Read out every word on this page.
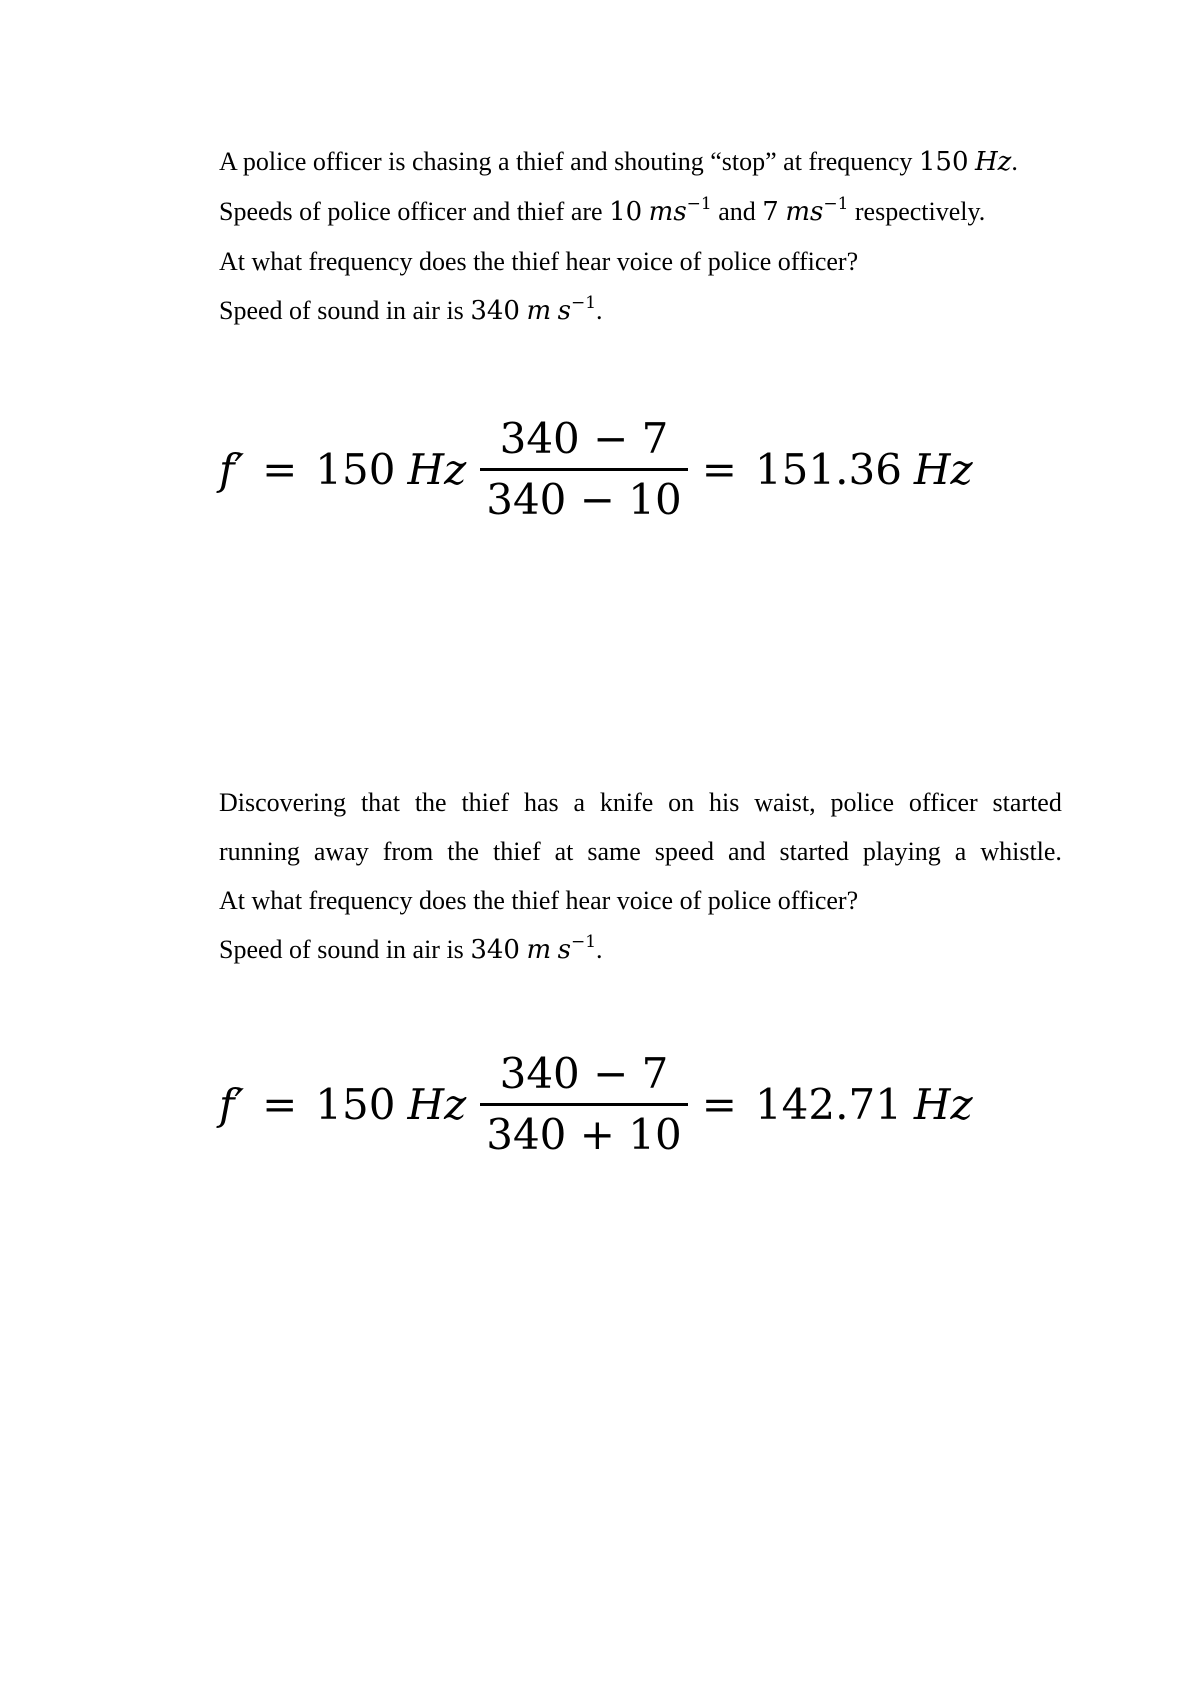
A police officer is chasing a thief and shouting “stop” at frequency 150 Hz.

Speeds of police officer and thief are 10 $ms^{-1}$ and 7 $ms^{-1}$ respectively.

At what frequency does the thief hear voice of police officer?

Speed of sound in air is 340 m $s^{-1}$.

f′ = 150 Hz $\frac{340 - 7}{340 - 10} = 151.36$ Hz
Discovering that the thief has a knife on his waist, police officer started
running away from the thief at same speed and started playing a whistle.

At what frequency does the thief hear voice of police officer?

Speed of sound in air is 340 m $s^{-1}$.

f′ = 150 Hz $\frac{340 - 7}{340 + 10} = 142.71$ Hz
